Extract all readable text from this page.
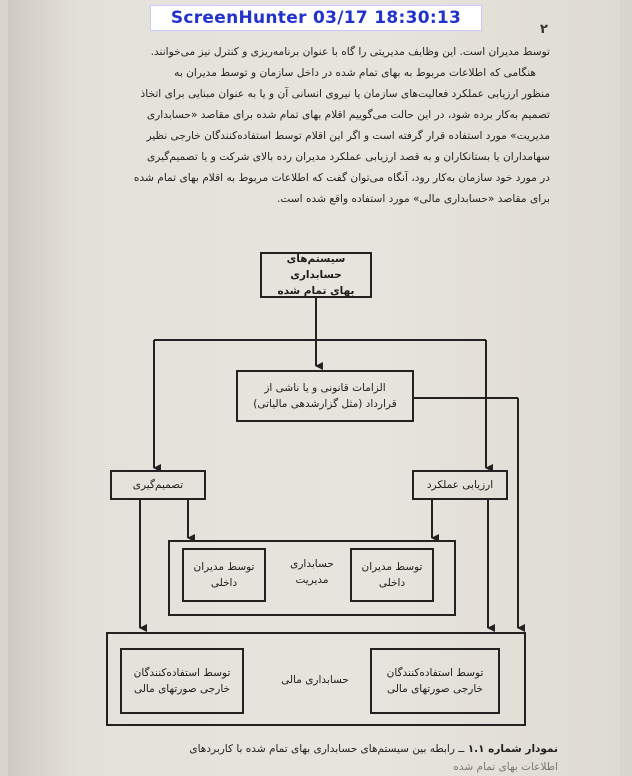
ScreenHunter 03/17 18:30:13
۲

توسط مدیران است. این وظایف مدیریتی را گاه با عنوان برنامه‌ریزی و کنترل نیز می‌خوانند.

هنگامی که اطلاعات مربوط به بهای تمام شده در داخل سازمان و توسط مدیران به

منظور ارزیابی عملکرد فعالیت‌های سازمان یا نیروی انسانی آن و یا به عنوان مبنایی برای اتخاذ

تصمیم به‌کار برده شود، در این حالت می‌گوییم اقلام بهای تمام شده برای مقاصد «حسابداری

مدیریت» مورد استفاده قرار گرفته است و اگر این اقلام توسط استفاده‌کنندگان خارجی نظیر

سهامداران یا بستانکاران و به قصد ارزیابی عملکرد مدیران رده بالای شرکت و یا تصمیم‌گیری

در مورد خود سازمان به‌کار رود، آنگاه می‌توان گفت که اطلاعات مربوط به اقلام بهای تمام شده

برای مقاصد «حسابداری مالی» مورد استفاده واقع شده است.

سیستم‌های حسابداری
بهای تمام شده
الزامات قانونی و یا ناشی از
قرارداد (مثل گزارشدهی مالیاتی)
تصمیم‌گیری	ارزیابی عملکرد
حسابداری
مدیریت
توسط مدیران
داخلی
توسط مدیران
داخلی
حسابداری مالی
توسط استفاده‌کنندگان
خارجی صورتهای مالی
توسط استفاده‌کنندگان
خارجی صورتهای مالی
نمودار شماره ۱.۱ ــ رابطه بین سیستم‌های حسابداری بهای تمام شده با کاربردهای
اطلاعات بهای تمام شده
